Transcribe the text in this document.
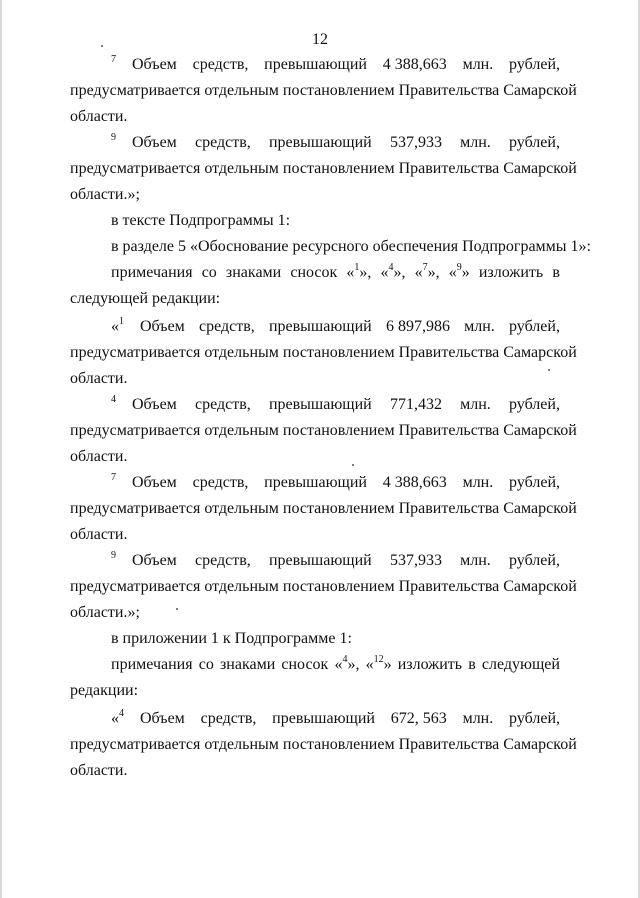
12
$^7$ Объем средств, превышающий 4 388,663 млн. рублей,
предусматривается отдельным постановлением Правительства Самарской
области.
$^9$ Объем средств, превышающий 537,933 млн. рублей,
предусматривается отдельным постановлением Правительства Самарской
области.»;
в тексте Подпрограммы 1:
в разделе 5 «Обоснование ресурсного обеспечения Подпрограммы 1»:
примечания со знаками сносок «$^1$», «$^4$», «$^7$», «$^9$» изложить в
следующей редакции:
«$^1$ Объем средств, превышающий 6 897,986 млн. рублей,
предусматривается отдельным постановлением Правительства Самарской
области.
$^4$ Объем средств, превышающий 771,432 млн. рублей,
предусматривается отдельным постановлением Правительства Самарской
области.
$^7$ Объем средств, превышающий 4 388,663 млн. рублей,
предусматривается отдельным постановлением Правительства Самарской
области.
$^9$ Объем средств, превышающий 537,933 млн. рублей,
предусматривается отдельным постановлением Правительства Самарской
области.»;
в приложении 1 к Подпрограмме 1:
примечания со знаками сносок «$^4$», «$^{12}$» изложить в следующей
редакции:
«$^4$ Объем средств, превышающий 672, 563 млн. рублей,
предусматривается отдельным постановлением Правительства Самарской
области.
